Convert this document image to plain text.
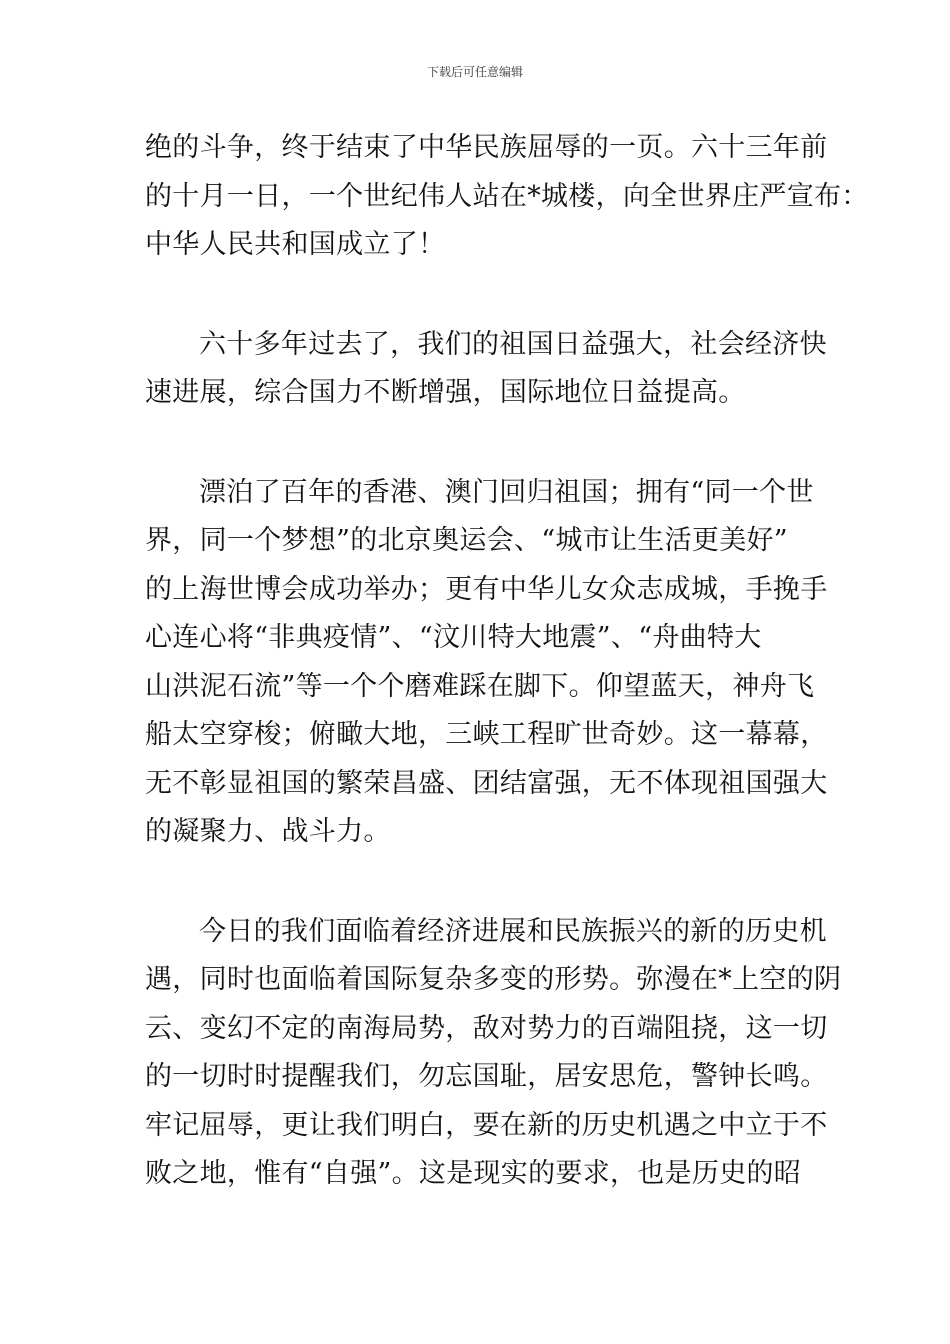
下载后可任意编辑
绝的斗争，终于结束了中华民族屈辱的一页。六十三年前
的十月一日，一个世纪伟人站在*城楼，向全世界庄严宣布：
中华人民共和国成立了！
六十多年过去了，我们的祖国日益强大，社会经济快
速进展，综合国力不断增强，国际地位日益提高。
漂泊了百年的香港、澳门回归祖国；拥有“同一个世
界，同一个梦想”的北京奥运会、“城市让生活更美好”
的上海世博会成功举办；更有中华儿女众志成城，手挽手
心连心将“非典疫情”、“汶川特大地震”、“舟曲特大
山洪泥石流”等一个个磨难踩在脚下。仰望蓝天，神舟飞
船太空穿梭；俯瞰大地，三峡工程旷世奇妙。这一幕幕，
无不彰显祖国的繁荣昌盛、团结富强，无不体现祖国强大
的凝聚力、战斗力。
今日的我们面临着经济进展和民族振兴的新的历史机
遇，同时也面临着国际复杂多变的形势。弥漫在*上空的阴
云、变幻不定的南海局势，敌对势力的百端阻挠，这一切
的一切时时提醒我们，勿忘国耻，居安思危，警钟长鸣。
牢记屈辱，更让我们明白，要在新的历史机遇之中立于不
败之地，惟有“自强”。这是现实的要求，也是历史的昭
